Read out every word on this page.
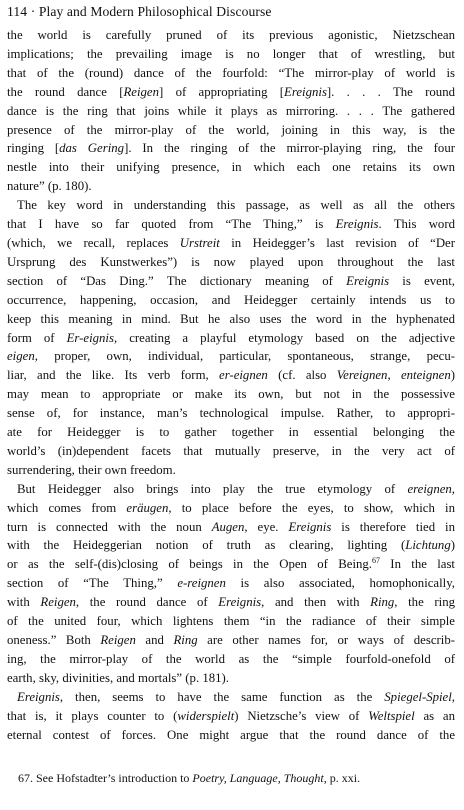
114 · Play and Modern Philosophical Discourse
the world is carefully pruned of its previous agonistic, Nietzschean
implications; the prevailing image is no longer that of wrestling, but
that of the (round) dance of the fourfold: “The mirror-play of world is
the round dance [Reigen] of appropriating [Ereignis]. . . . The round
dance is the ring that joins while it plays as mirroring. . . . The gathered
presence of the mirror-play of the world, joining in this way, is the
ringing [das Gering]. In the ringing of the mirror-playing ring, the four
nestle into their unifying presence, in which each one retains its own
nature” (p. 180).
The key word in understanding this passage, as well as all the others
that I have so far quoted from “The Thing,” is Ereignis. This word
(which, we recall, replaces Urstreit in Heidegger’s last revision of “Der
Ursprung des Kunstwerkes”) is now played upon throughout the last
section of “Das Ding.” The dictionary meaning of Ereignis is event,
occurrence, happening, occasion, and Heidegger certainly intends us to
keep this meaning in mind. But he also uses the word in the hyphenated
form of Er-eignis, creating a playful etymology based on the adjective
eigen, proper, own, individual, particular, spontaneous, strange, pecu-
liar, and the like. Its verb form, er-eignen (cf. also Vereignen, enteignen)
may mean to appropriate or make its own, but not in the possessive
sense of, for instance, man’s technological impulse. Rather, to appropri-
ate for Heidegger is to gather together in essential belonging the
world’s (in)dependent facets that mutually preserve, in the very act of
surrendering, their own freedom.
But Heidegger also brings into play the true etymology of ereignen,
which comes from eräugen, to place before the eyes, to show, which in
turn is connected with the noun Augen, eye. Ereignis is therefore tied in
with the Heideggerian notion of truth as clearing, lighting (Lichtung)
or as the self-(dis)closing of beings in the Open of Being.$^{67}$ In the last
section of “The Thing,” e-reignen is also associated, homophonically,
with Reigen, the round dance of Ereignis, and then with Ring, the ring
of the united four, which lightens them “in the radiance of their simple
oneness.” Both Reigen and Ring are other names for, or ways of describ-
ing, the mirror-play of the world as the “simple fourfold-onefold of
earth, sky, divinities, and mortals” (p. 181).
Ereignis, then, seems to have the same function as the Spiegel-Spiel,
that is, it plays counter to (widerspielt) Nietzsche’s view of Weltspiel as an
eternal contest of forces. One might argue that the round dance of the
67. See Hofstadter’s introduction to Poetry, Language, Thought, p. xxi.
